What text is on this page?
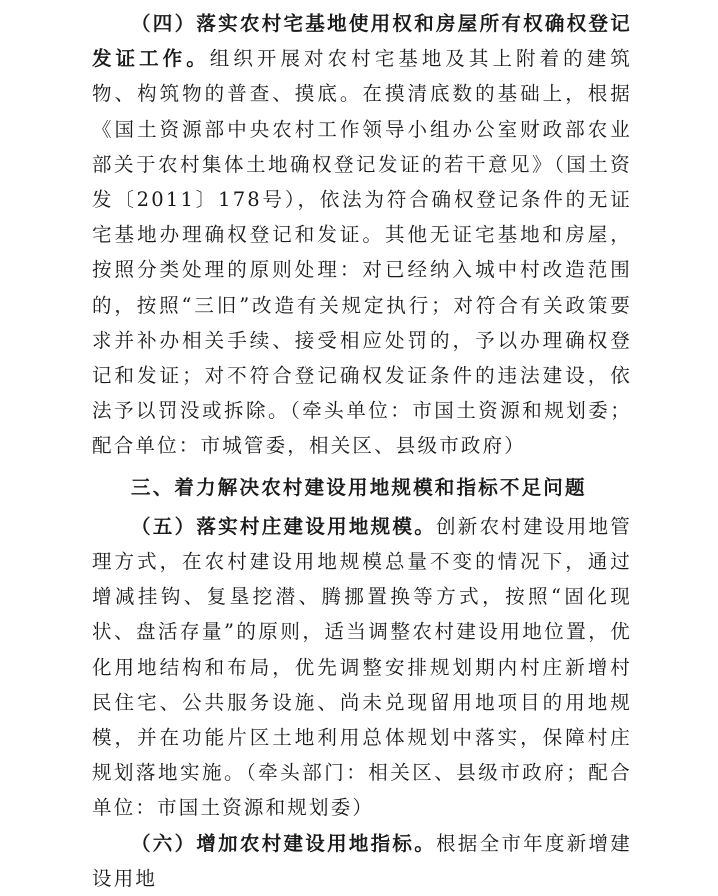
（四）落实农村宅基地使用权和房屋所有权确权登记发证工作。组织开展对农村宅基地及其上附着的建筑物、构筑物的普查、摸底。在摸清底数的基础上，根据《国土资源部中央农村工作领导小组办公室财政部农业部关于农村集体土地确权登记发证的若干意见》（国土资发〔2011〕178号），依法为符合确权登记条件的无证宅基地办理确权登记和发证。其他无证宅基地和房屋，按照分类处理的原则处理：对已经纳入城中村改造范围的，按照“三旧”改造有关规定执行；对符合有关政策要求并补办相关手续、接受相应处罚的，予以办理确权登记和发证；对不符合登记确权发证条件的违法建设，依法予以罚没或拆除。（牵头单位：市国土资源和规划委；配合单位：市城管委，相关区、县级市政府）

三、着力解决农村建设用地规模和指标不足问题

（五）落实村庄建设用地规模。创新农村建设用地管理方式，在农村建设用地规模总量不变的情况下，通过增减挂钩、复垦挖潜、腾挪置换等方式，按照“固化现状、盘活存量”的原则，适当调整农村建设用地位置，优化用地结构和布局，优先调整安排规划期内村庄新增村民住宅、公共服务设施、尚未兑现留用地项目的用地规模，并在功能片区土地利用总体规划中落实，保障村庄规划落地实施。（牵头部门：相关区、县级市政府；配合单位：市国土资源和规划委）

（六）增加农村建设用地指标。根据全市年度新增建设用地
